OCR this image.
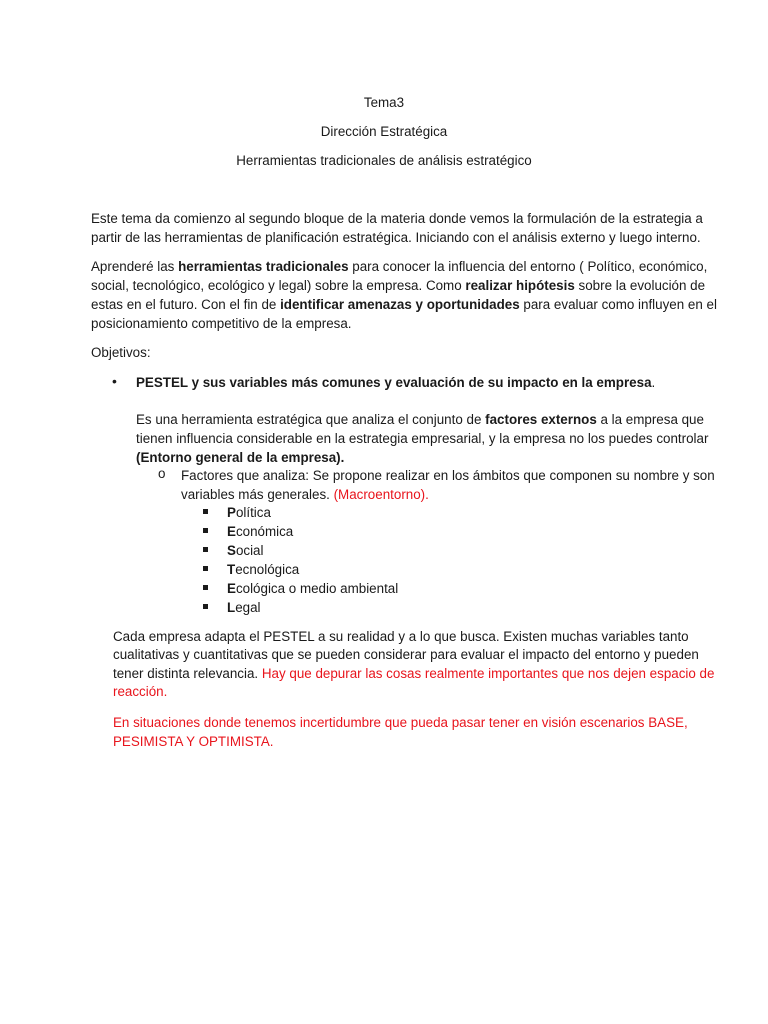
Tema3
Dirección Estratégica
Herramientas tradicionales de análisis estratégico
Este tema da comienzo al segundo bloque de la materia donde vemos la formulación de la estrategia a
partir de las herramientas de planificación estratégica. Iniciando con el análisis externo y luego interno.
Aprenderé las herramientas tradicionales para conocer la influencia del entorno ( Político, económico,
social, tecnológico, ecológico y legal) sobre la empresa. Como realizar hipótesis sobre la evolución de
estas en el futuro. Con el fin de identificar amenazas y oportunidades para evaluar como influyen en el
posicionamiento competitivo de la empresa.
Objetivos:
• PESTEL y sus variables más comunes y evaluación de su impacto en la empresa.
Es una herramienta estratégica que analiza el conjunto de factores externos a la empresa que
tienen influencia considerable en la estrategia empresarial, y la empresa no los puedes controlar
(Entorno general de la empresa).
o Factores que analiza: Se propone realizar en los ámbitos que componen su nombre y son
variables más generales. (Macroentorno).
Política
Económica
Social
Tecnológica
Ecológica o medio ambiental
Legal
Cada empresa adapta el PESTEL a su realidad y a lo que busca. Existen muchas variables tanto
cualitativas y cuantitativas que se pueden considerar para evaluar el impacto del entorno y pueden
tener distinta relevancia. Hay que depurar las cosas realmente importantes que nos dejen espacio de
reacción.
En situaciones donde tenemos incertidumbre que pueda pasar tener en visión escenarios BASE,
PESIMISTA Y OPTIMISTA.
